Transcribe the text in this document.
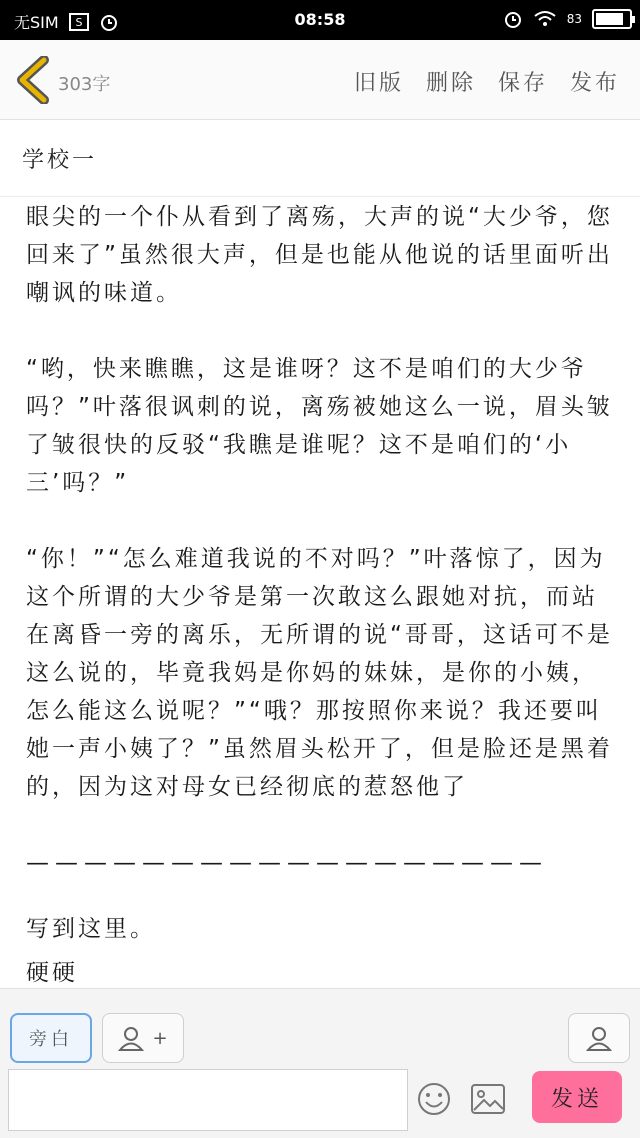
无SIM S	08:58	83
303字	旧版 删除 保存 发布
学校一

眼尖的一个仆从看到了离殇，大声的说“大少爷，您回来了”虽然很大声，但是也能从他说的话里面听出嘲讽的味道。

“哟，快来瞧瞧，这是谁呀？这不是咱们的大少爷吗？”叶落很讽刺的说，离殇被她这么一说，眉头皱了皱很快的反驳“我瞧是谁呢？这不是咱们的‘小三’吗？”

“你！”“怎么难道我说的不对吗？”叶落惊了，因为这个所谓的大少爷是第一次敢这么跟她对抗，而站在离昏一旁的离乐，无所谓的说“哥哥，这话可不是这么说的，毕竟我妈是你妈的妹妹，是你的小姨，怎么能这么说呢？”“哦？那按照你来说？我还要叫她一声小姨了？”虽然眉头松开了，但是脸还是黑着的，因为这对母女已经彻底的惹怒他了

——————————————————

写到这里。

硬硬

旁白	+
发送
